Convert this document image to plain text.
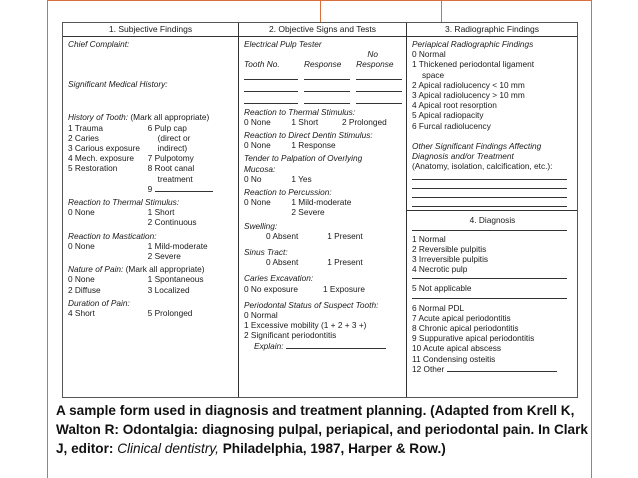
1. Subjective Findings
Chief Complaint:
Significant Medical History:
History of Tooth: (Mark all appropriate)
1 Trauma
2 Caries
3 Carious exposure
4 Mech. exposure
5 Restoration
6 Pulp cap
(direct or
indirect)
7 Pulpotomy
8 Root canal
treatment
9
Reaction to Thermal Stimulus:
0 None	1 Short
2 Continuous
Reaction to Mastication:
0 None	1 Mild-moderate
2 Severe
Nature of Pain: (Mark all appropriate)
0 None	1 Spontaneous
2 Diffuse	3 Localized
Duration of Pain:
4 Short	5 Prolonged
2. Objective Signs and Tests
Electrical Pulp Tester
No
Tooth No.	Response	Response
Reaction to Thermal Stimulus:
0 None	1 Short	2 Prolonged
Reaction to Direct Dentin Stimulus:
0 None	1 Response
Tender to Palpation of Overlying
Mucosa:
0 No	1 Yes
Reaction to Percussion:
0 None	1 Mild-moderate
2 Severe
Swelling:
0 Absent	1 Present
Sinus Tract:
0 Absent	1 Present
Caries Excavation:
0 No exposure	1 Exposure
Periodontal Status of Suspect Tooth:
0 Normal
1 Excessive mobility (1 + 2 + 3 +)
2 Significant periodontitis
Explain:
3. Radiographic Findings
Periapical Radiographic Findings
0 Normal
1 Thickened periodontal ligament
space
2 Apical radiolucency < 10 mm
3 Apical radiolucency > 10 mm
4 Apical root resorption
5 Apical radiopacity
6 Furcal radiolucency
Other Significant Findings Affecting Diagnosis and/or Treatment
(Anatomy, isolation, calcification, etc.):
4. Diagnosis
1 Normal
2 Reversible pulpitis
3 Irreversible pulpitis
4 Necrotic pulp
5 Not applicable
6 Normal PDL
7 Acute apical periodontitis
8 Chronic apical periodontitis
9 Suppurative apical periodontitis
10 Acute apical abscess
11 Condensing osteitis
12 Other
A sample form used in diagnosis and treatment planning. (Adapted from Krell K, Walton R: Odontalgia: diagnosing pulpal, periapical, and periodontal pain. In Clark J, editor: Clinical dentistry, Philadelphia, 1987, Harper & Row.)
